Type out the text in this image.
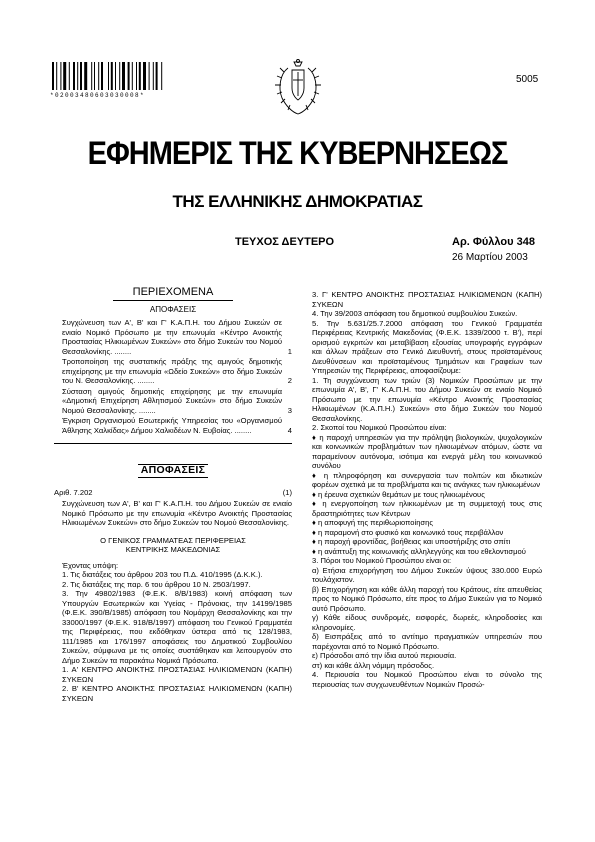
*02003480603030008*
5005
ΕΦΗΜΕΡΙΣ ΤΗΣ ΚΥΒΕΡΝΗΣΕΩΣ
ΤΗΣ ΕΛΛΗΝΙΚΗΣ ΔΗΜΟΚΡΑΤΙΑΣ
ΤΕΥΧΟΣ ΔΕΥΤΕΡΟ	Αρ. Φύλλου 348
26 Μαρτίου 2003

ΠΕΡΙΕΧΟΜΕΝΑ

ΑΠΟΦΑΣΕΙΣ

Συγχώνευση των Α', Β' και Γ' Κ.Α.Π.Η. του Δήμου Συκεών σε ενιαίο Νομικό Πρόσωπο με την επωνυμία «Κέντρο Ανοικτής Προστασίας Ηλικιωμένων Συκεών» στο δήμο Συκεών του Νομού Θεσσαλονίκης. ........	1
Τροποποίηση της συστατικής πράξης της αμιγούς δημοτικής επιχείρησης με την επωνυμία «Ωδείο Συκεών» στο δήμο Συκεών του Ν. Θεσσαλονίκης. ........	2
Σύσταση αμιγούς δημοτικής επιχείρησης με την επωνυμία «Δημοτική Επιχείρηση Αθλητισμού Συκεών» στο δήμο Συκεών Νομού Θεσσαλονίκης. ........	3
Έγκριση Οργανισμού Εσωτερικής Υπηρεσίας του «Οργανισμού Άθλησης Χαλκίδας» Δήμου Χαλκιδέων Ν. Ευβοίας. ........	4

ΑΠΟΦΑΣΕΙΣ

Αριθ. 7.202	(1)

Συγχώνευση των Α', Β' και Γ' Κ.Α.Π.Η. του Δήμου Συκεών σε ενιαίο Νομικό Πρόσωπο με την επωνυμία «Κέντρο Ανοικτής Προστασίας Ηλικιωμένων Συκεών» στο δήμο Συκεών του Νομού Θεσσαλονίκης.

Ο ΓΕΝΙΚΟΣ ΓΡΑΜΜΑΤΕΑΣ ΠΕΡΙΦΕΡΕΙΑΣ

ΚΕΝΤΡΙΚΗΣ ΜΑΚΕΔΟΝΙΑΣ

Έχοντας υπόψη:

1. Τις διατάξεις του άρθρου 203 του Π.Δ. 410/1995 (Δ.Κ.Κ.).

2. Τις διατάξεις της παρ. 6 του άρθρου 10 Ν. 2503/1997.

3. Την 49802/1983 (Φ.Ε.Κ. 8/Β/1983) κοινή απόφαση των Υπουργών Εσωτερικών και Υγείας - Πρόνοιας, την 14199/1985 (Φ.Ε.Κ. 390/Β/1985) απόφαση του Νομάρχη Θεσσαλονίκης και την 33000/1997 (Φ.Ε.Κ. 918/Β/1997) απόφαση του Γενικού Γραμματέα της Περιφέρειας, που εκδόθηκαν ύστερα από τις 128/1983, 111/1985 και 176/1997 αποφάσεις του Δημοτικού Συμβουλίου Συκεών, σύμφωνα με τις οποίες συστάθηκαν και λειτουργούν στο Δήμο Συκεών τα παρακάτω Νομικά Πρόσωπα.

1. Α' ΚΕΝΤΡΟ ΑΝΟΙΚΤΗΣ ΠΡΟΣΤΑΣΙΑΣ ΗΛΙΚΙΩΜΕΝΩΝ (ΚΑΠΗ) ΣΥΚΕΩΝ

2. Β' ΚΕΝΤΡΟ ΑΝΟΙΚΤΗΣ ΠΡΟΣΤΑΣΙΑΣ ΗΛΙΚΙΩΜΕΝΩΝ (ΚΑΠΗ) ΣΥΚΕΩΝ

3. Γ' ΚΕΝΤΡΟ ΑΝΟΙΚΤΗΣ ΠΡΟΣΤΑΣΙΑΣ ΗΛΙΚΙΩΜΕΝΩΝ (ΚΑΠΗ) ΣΥΚΕΩΝ

4. Την 39/2003 απόφαση του δημοτικού συμβουλίου Συκεών.

5. Την 5.631/25.7.2000 απόφαση του Γενικού Γραμματέα Περιφέρειας Κεντρικής Μακεδονίας (Φ.Ε.Κ. 1339/2000 τ. Β'), περί ορισμού εγκριτών και μεταβίβαση εξουσίας υπογραφής εγγράφων και άλλων πράξεων στο Γενικό Διευθυντή, στους προϊσταμένους Διευθύνσεων και προϊσταμένους Τμημάτων και Γραφείων των Υπηρεσιών της Περιφέρειας, αποφασίζουμε:

1. Τη συγχώνευση των τριών (3) Νομικών Προσώπων με την επωνυμία Α', Β', Γ' Κ.Α.Π.Η. του Δήμου Συκεών σε ενιαίο Νομικό Πρόσωπο με την επωνυμία «Κέντρο Ανοικτής Προστασίας Ηλικιωμένων (Κ.Α.Π.Η.) Συκεών» στο δήμο Συκεών του Νομού Θεσσαλονίκης.

2. Σκοποί του Νομικού Προσώπου είναι:

♦ η παροχή υπηρεσιών για την πρόληψη βιολογικών, ψυχολογικών και κοινωνικών προβλημάτων των ηλικιωμένων ατόμων, ώστε να παραμείνουν αυτόνομα, ισότιμα και ενεργά μέλη του κοινωνικού συνόλου

♦ η πληροφόρηση και συνεργασία των πολιτών και ιδιωτικών φορέων σχετικά με τα προβλήματα και τις ανάγκες των ηλικιωμένων

♦ η έρευνα σχετικών θεμάτων με τους ηλικιωμένους

♦ η ενεργοποίηση των ηλικιωμένων με τη συμμετοχή τους στις δραστηριότητες των Κέντρων

♦ η αποφυγή της περιθωριοποίησης

♦ η παραμονή στο φυσικό και κοινωνικό τους περιβάλλον

♦ η παροχή φροντίδας, βοήθειας και υποστήριξης στο σπίτι

♦ η ανάπτυξη της κοινωνικής αλληλεγγύης και του εθελοντισμού

3. Πόροι του Νομικού Προσώπου είναι οι:

α) Ετήσια επιχορήγηση του Δήμου Συκεών ύψους 330.000 Ευρώ τουλάχιστον.

β) Επιχορήγηση και κάθε άλλη παροχή του Κράτους, είτε απευθείας προς το Νομικό Πρόσωπο, είτε προς το Δήμο Συκεών για το Νομικό αυτό Πρόσωπο.

γ) Κάθε είδους συνδρομές, εισφορές, δωρεές, κληροδοσίες και κληρονομίες.

δ) Εισπράξεις από το αντίτιμο πραγματικών υπηρεσιών που παρέχονται από το Νομικό Πρόσωπο.

ε) Πρόσοδοι από την ίδια αυτού περιουσία.

στ) και κάθε άλλη νόμιμη πρόσοδος.

4. Περιουσία του Νομικού Προσώπου είναι το σύνολο της περιουσίας των συγχωνευθέντων Νομικών Προσώ-
